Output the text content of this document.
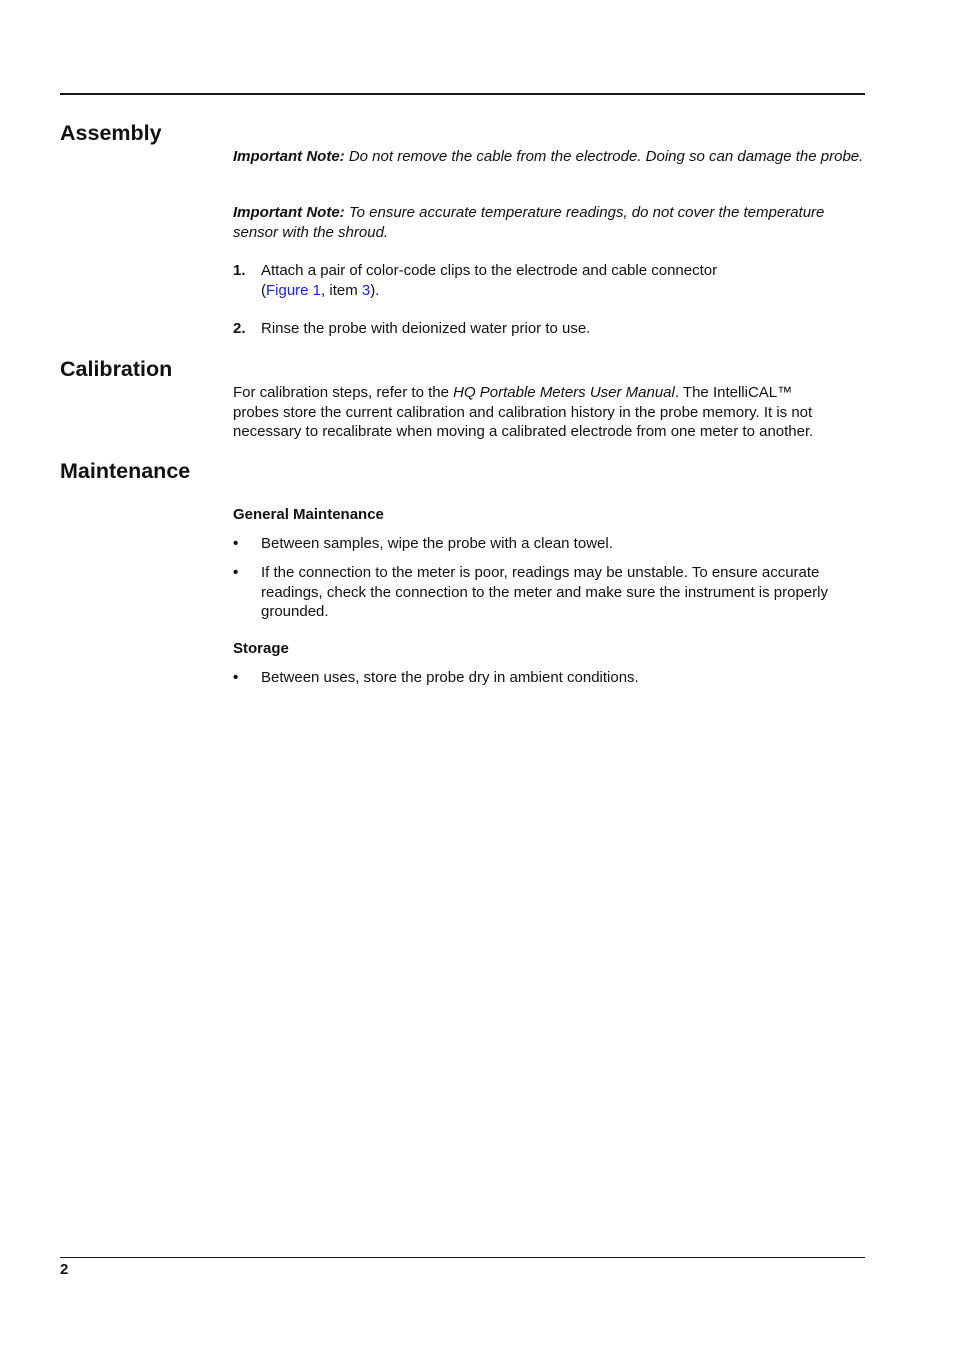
Assembly

Important Note: Do not remove the cable from the electrode. Doing so can damage the probe.

Important Note: To ensure accurate temperature readings, do not cover the temperature sensor with the shroud.

1. Attach a pair of color-code clips to the electrode and cable connector
(Figure 1, item 3).
2. Rinse the probe with deionized water prior to use.
Calibration

For calibration steps, refer to the HQ Portable Meters User Manual. The IntelliCAL™
probes store the current calibration and calibration history in the probe memory. It is not
necessary to recalibrate when moving a calibrated electrode from one meter to another.

Maintenance
General Maintenance
• Between samples, wipe the probe with a clean towel.
• If the connection to the meter is poor, readings may be unstable. To ensure accurate readings, check the connection to the meter and make sure the instrument is properly grounded.
Storage
• Between uses, store the probe dry in ambient conditions.
2
